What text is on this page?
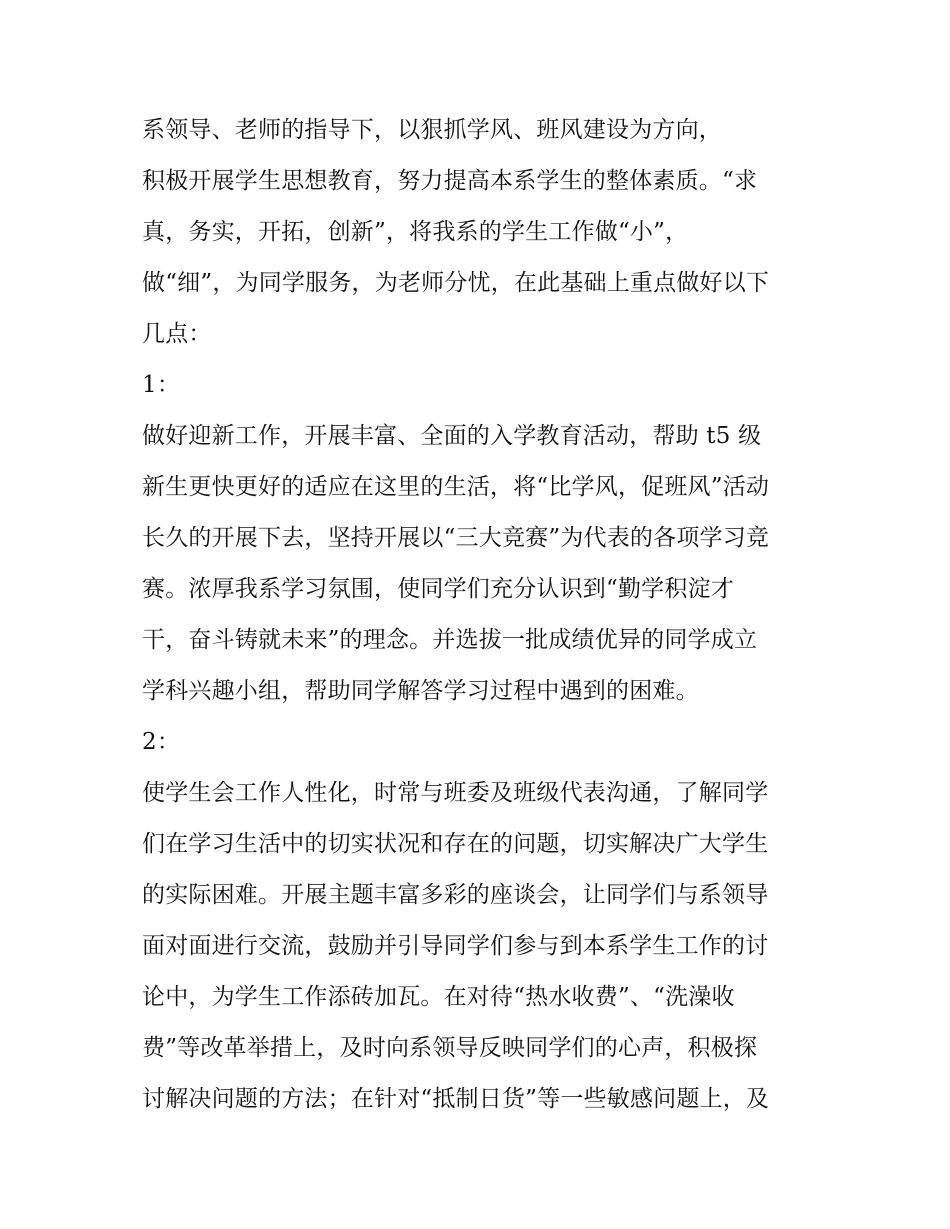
系领导、老师的指导下，以狠抓学风、班风建设为方向，
积极开展学生思想教育，努力提高本系学生的整体素质。“求
真，务实，开拓，创新”，将我系的学生工作做“小”，
做“细”，为同学服务，为老师分忧，在此基础上重点做好以下
几点：
1：
做好迎新工作，开展丰富、全面的入学教育活动，帮助 t5 级
新生更快更好的适应在这里的生活，将“比学风，促班风”活动
长久的开展下去，坚持开展以“三大竞赛”为代表的各项学习竞
赛。浓厚我系学习氛围，使同学们充分认识到“勤学积淀才
干，奋斗铸就未来”的理念。并选拔一批成绩优异的同学成立
学科兴趣小组，帮助同学解答学习过程中遇到的困难。
2：
使学生会工作人性化，时常与班委及班级代表沟通，了解同学
们在学习生活中的切实状况和存在的问题，切实解决广大学生
的实际困难。开展主题丰富多彩的座谈会，让同学们与系领导
面对面进行交流，鼓励并引导同学们参与到本系学生工作的讨
论中，为学生工作添砖加瓦。在对待“热水收费”、“洗澡收
费”等改革举措上，及时向系领导反映同学们的心声，积极探
讨解决问题的方法；在针对“抵制日货”等一些敏感问题上，及
